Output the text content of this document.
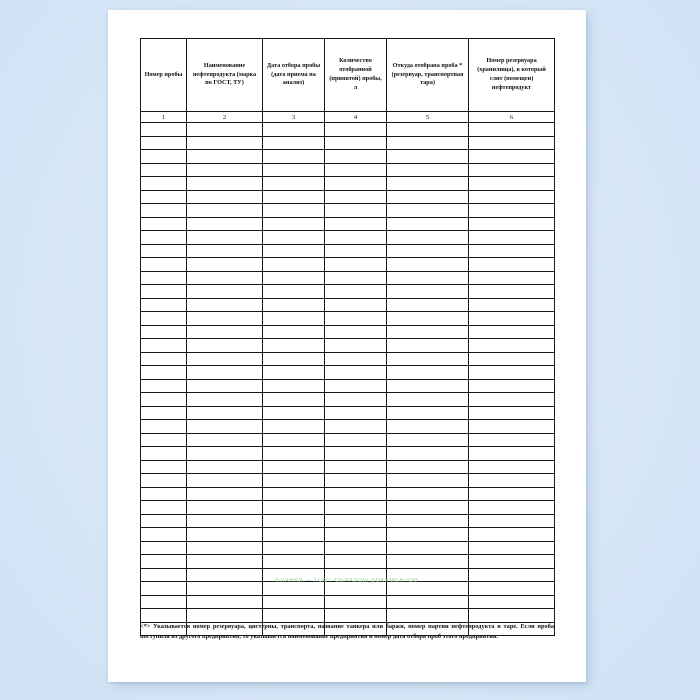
Номер пробы	Наименование нефтепродукта (марка по ГОСТ, ТУ)	Дата отбора пробы (дата приема на анализ)	Количество отобранной (принятой) пробы, л	Откуда отобрана проба * (резервуар, транспортная тара)	Номер резервуара (хранилища), в который слит (помещен) нефтепродукт
1	2	3	4	5	6

БЛАНКИ — ГОСТ-ОБРАЗЦЫ ДОКУМЕНТОВ
<*> Указывается номер резервуара, цистерны, транспорта, название танкера или баржи, номер партии нефтепродукта в таре. Если проба поступила из другого предприятия, то указывается наименование предприятия и номер дата отбора проб этого предприятия.
